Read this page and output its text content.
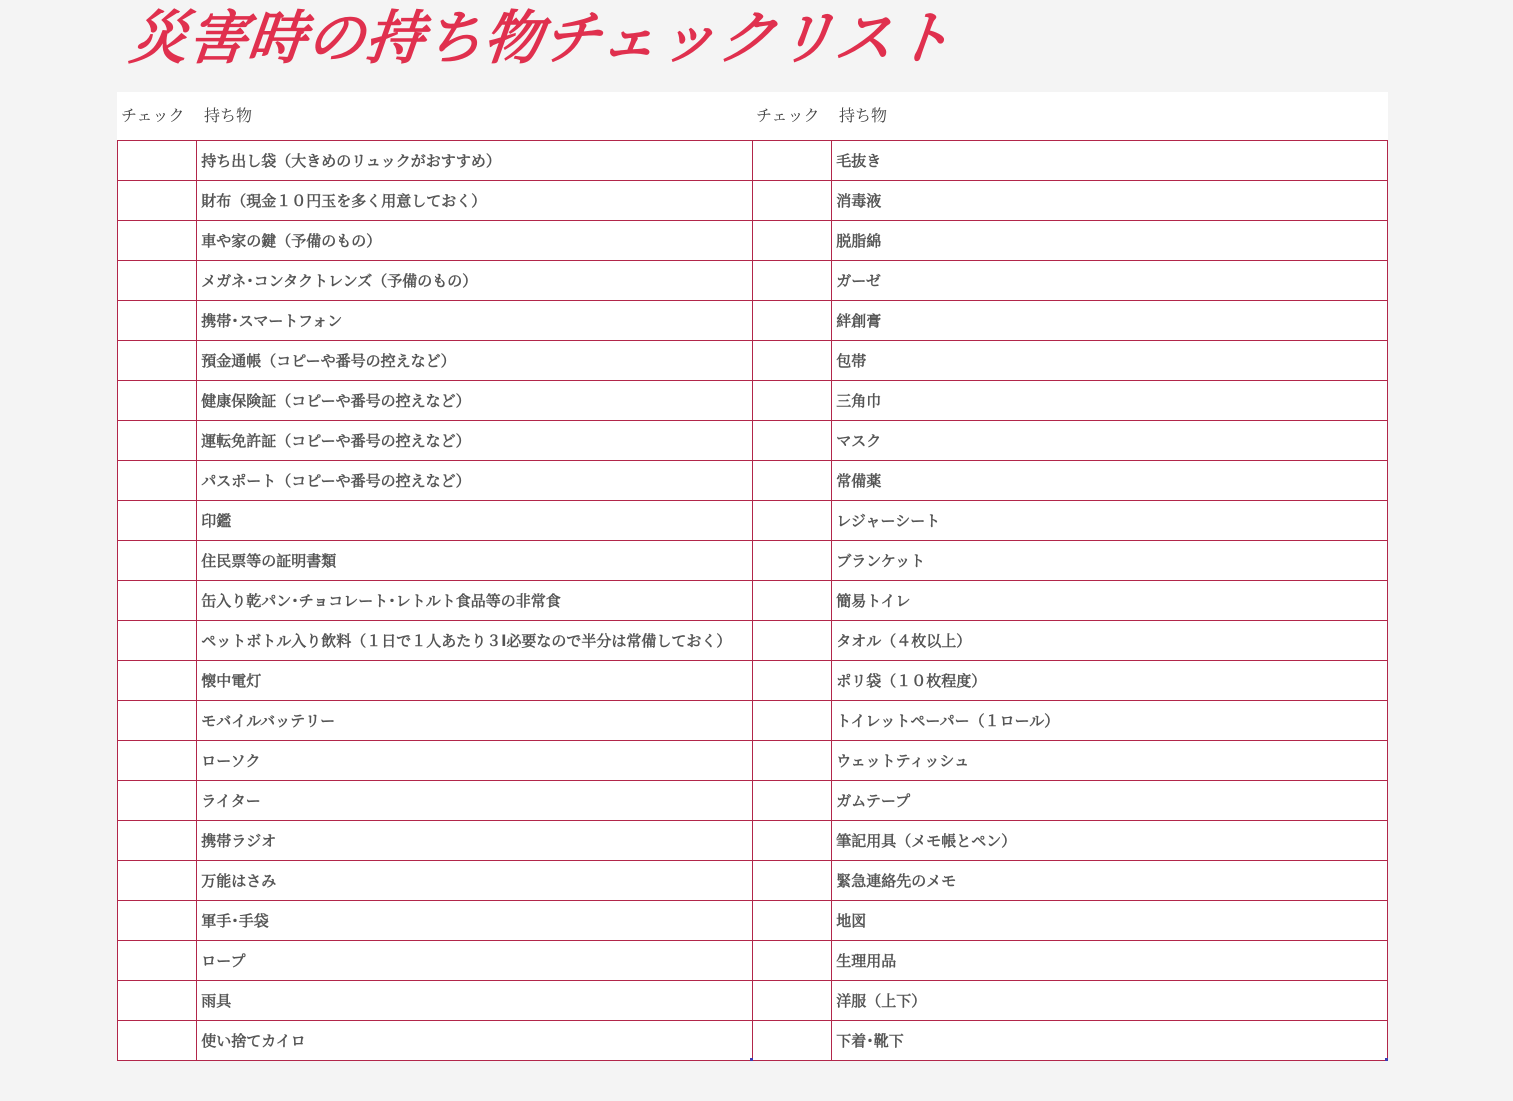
災害時の持ち物チェックリスト
チェック 持ち物	チェック 持ち物
	持ち出し袋（大きめのリュックがおすすめ）		毛抜き
	財布（現金１０円玉を多く用意しておく）		消毒液
	車や家の鍵（予備のもの）		脱脂綿
	メガネ･コンタクトレンズ（予備のもの）		ガーゼ
	携帯･スマートフォン		絆創膏
	預金通帳（コピーや番号の控えなど）		包帯
	健康保険証（コピーや番号の控えなど）		三角巾
	運転免許証（コピーや番号の控えなど）		マスク
	パスポート（コピーや番号の控えなど）		常備薬
	印鑑		レジャーシート
	住民票等の証明書類		ブランケット
	缶入り乾パン･チョコレート･レトルト食品等の非常食		簡易トイレ
	ペットボトル入り飲料（１日で１人あたり３l必要なので半分は常備しておく）		タオル（４枚以上）
	懐中電灯		ポリ袋（１０枚程度）
	モバイルバッテリー		トイレットペーパー（１ロール）
	ローソク		ウェットティッシュ
	ライター		ガムテープ
	携帯ラジオ		筆記用具（メモ帳とペン）
	万能はさみ		緊急連絡先のメモ
	軍手･手袋		地図
	ロープ		生理用品
	雨具		洋服（上下）
	使い捨てカイロ		下着･靴下
